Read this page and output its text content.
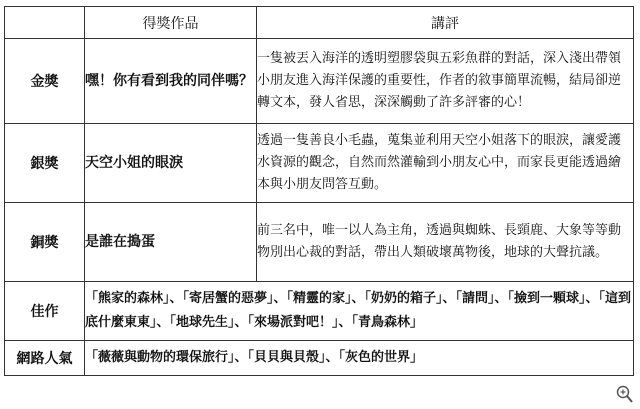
	得獎作品	講評
金獎	嘿！你有看到我的同伴嗎？	一隻被丟入海洋的透明塑膠袋與五彩魚群的對話，深入淺出帶領小朋友進入海洋保護的重要性，作者的敘事簡單流暢，結局卻逆轉文本，發人省思，深深觸動了許多評審的心！
銀獎	天空小姐的眼淚	透過一隻善良小毛蟲，蒐集並利用天空小姐落下的眼淚，讓愛護水資源的觀念，自然而然灌輸到小朋友心中，而家長更能透過繪本與小朋友問答互動。
銅獎	是誰在搗蛋	前三名中，唯一以人為主角，透過與蜘蛛、長頸鹿、大象等等動物別出心裁的對話，帶出人類破壞萬物後，地球的大聲抗議。
佳作	「熊家的森林」、「寄居蟹的惡夢」、「精靈的家」、「奶奶的箱子」、「請問」、「撿到一顆球」、「這到底什麼東東」、「地球先生」、「來場派對吧！」、「青鳥森林」	
網路人氣	「薇薇與動物的環保旅行」、「貝貝與貝殼」、「灰色的世界」	
